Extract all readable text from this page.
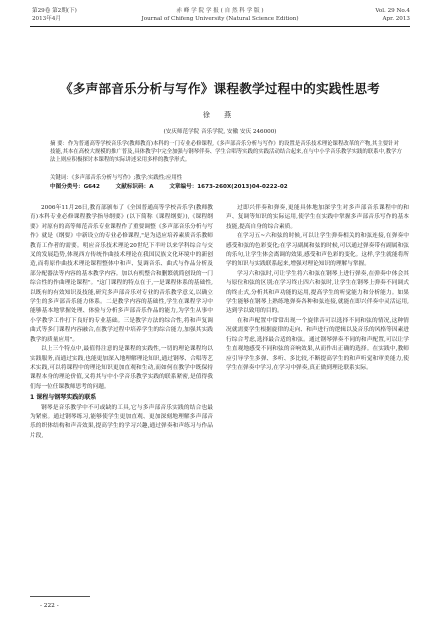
第29卷 第2期(下)
2013年4月
赤 峰 学 院 学 报 ( 自 然 科 学 版 )
Journal of Chifeng University (Natural Science Edition)
Vol. 29 No.4
Apr. 2013
《多声部音乐分析与写作》课程教学过程中的实践性思考
徐 燕
(安庆师范学院 音乐学院, 安徽 安庆 246000)
摘 要：作为普通高等学校音乐学(教师教育)本科的一门专业必修课程,《多声部音乐分析与写作》的设置是音乐技术理论课程改革的产物,其主要针对技能,其本在高校大规模的推广普及,具体教学中完全加强与钢琴伴奏、学生合唱等实践的实践活动结合起来,在与中小学音乐教学实践的联系中,教学方法上则应积极探讨本课程的实际讲述采用多样的教学形式。
关键词：《多声部音乐分析与写作》;教学;实践性;应用性
中图分类号：G642	文献标识码：A	文章编号：1673-260X(2013)04-0222-02

2006年11月26日,教育部颁布了《全国普通高等学校音乐学(教师教育)本科专业必修课程教学指导纲要》(以下简称《课程纲要》),《课程纲要》对原有的高等师范音乐专业课程作了重要调整《多声部音乐分析与写作》就是《纲要》中新设立的专业必修课程,"是为适应培养素质音乐教师教育工作者的需要。明应音乐技术理论20世纪下半叶以来学科综合与交叉的发展趋势,体现西方传统作曲技术理论在我国民族文化环境中的新创造,而将原作曲技术理论课程整体中和声、复调音乐、曲式与作品分析及部分配器法等内容的基本教学内容。加以有机整合和删繁就简创设的一门综合性的作曲理论课程"。"这门课程的特点在于,一是课程体系的基础性,以既有的有效知识及技能,研究多声部音乐对专业的音乐教学意义,以确立学生的多声部音乐能力体系。二是教学内容的基础性,学生在课程学习中能够基本地掌握处理、体验与分析多声部音乐作品的能力,为学生从事中小学教学工作打下良好的专业基础。三是教学方法的综合性,将和声复调曲式等多门课程内容融合,在教学过程中培养学生的综合能力,加强其实践教学的质量应用"。

以上三个特点中,最值得注意的是课程的实践性,一切的理论课程均以实践服务,而通过实践,也能更加深入地理解理论知识,通过钢琴、合唱等艺术实践,可以将课程中的理论知识更加直观和生动,而如何在教学中既保持课程本身的理论价值,又将其与中小学音乐教学实践的联系紧密,是值得我们每一位任课教师思考的问题。

1 课程与钢琴实践的联系

钢琴是音乐教学中不可或缺的工具,它与多声部音乐实践的结合也最为紧密。通过钢琴练习,能够使学生更加直观、更加深刻地理解多声部音乐的织体结构和声音效果,提高学生的学习兴趣,通过弹奏和声练习与作品片段,

过即兴伴奏和弹奏,更能具体地加深学生对多声部音乐课程中的和声、复调等知识的实际运用,使学生在实践中掌握多声部音乐写作的基本技能,提高自身的综合素质。

在学习五~六和弦的时候,可以让学生弹奏相关的和弦连接,在弹奏中感受和弦的色彩变化;在学习副属和弦的时候,可以通过弹奏带有副属和弦的乐句,让学生体会离调的效果,感受和声色彩的变化。这样,学生就能将所学的知识与实践联系起来,增强对理论知识的理解与掌握。

学习六和弦时,可让学生将六和弦在钢琴上进行弹奏,在弹奏中体会其与原位和弦的区别;在学习终止四六和弦时,让学生在钢琴上弹奏不同调式的终止式,分析其和声功能的运用,提高学生的听觉能力和分析能力。如果学生能够在钢琴上熟练地弹奏各种和弦连接,就能在即兴伴奏中灵活运用,达到学以致用的目的。

在和声配置中常常出现一个旋律音可以选择不同和弦的情况,这种情况就需要学生根据旋律的走向、和声进行的逻辑以及音乐的风格等因素进行综合考虑,选择最合适的和弦。通过钢琴弹奏不同的和声配置,可以让学生直观地感受不同和弦的音响效果,从而作出正确的选择。在实践中,教师应引导学生多弹、多听、多比较,不断提高学生的和声听觉和审美能力,使学生在弹奏中学习,在学习中弹奏,真正做到理论联系实际。

- 222 -
